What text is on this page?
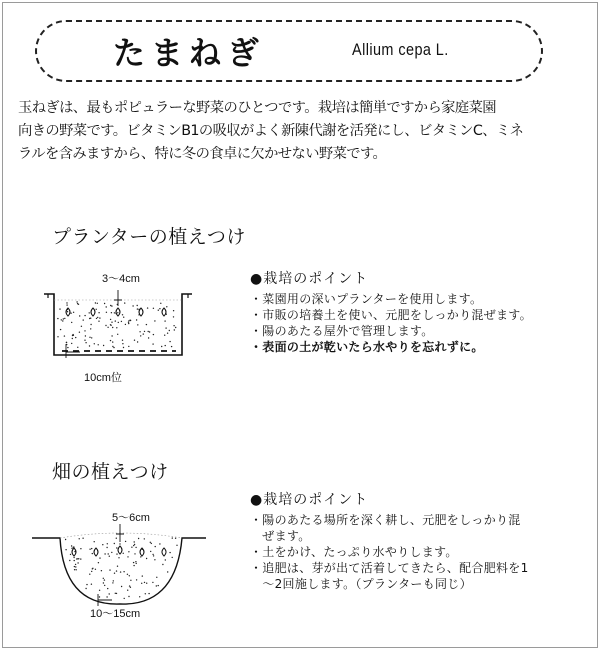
たまねぎ	Allium cepa L.
玉ねぎは、最もポピュラーな野菜のひとつです。栽培は簡単ですから家庭菜園
向きの野菜です。ビタミンB1の吸収がよく新陳代謝を活発にし、ビタミンC、ミネ
ラルを含みますから、特に冬の食卓に欠かせない野菜です。
プランターの植えつけ
3～4cm
10cm位
●栽培のポイント
・菜園用の深いプランターを使用します。
・市販の培養土を使い、元肥をしっかり混ぜます。
・陽のあたる屋外で管理します。
・表面の土が乾いたら水やりを忘れずに。
畑の植えつけ
5～6cm
10～15cm
●栽培のポイント
・陽のあたる場所を深く耕し、元肥をしっかり混
　ぜます。
・土をかけ、たっぷり水やりします。
・追肥は、芽が出て活着してきたら、配合肥料を1
　～2回施します。（プランターも同じ）
